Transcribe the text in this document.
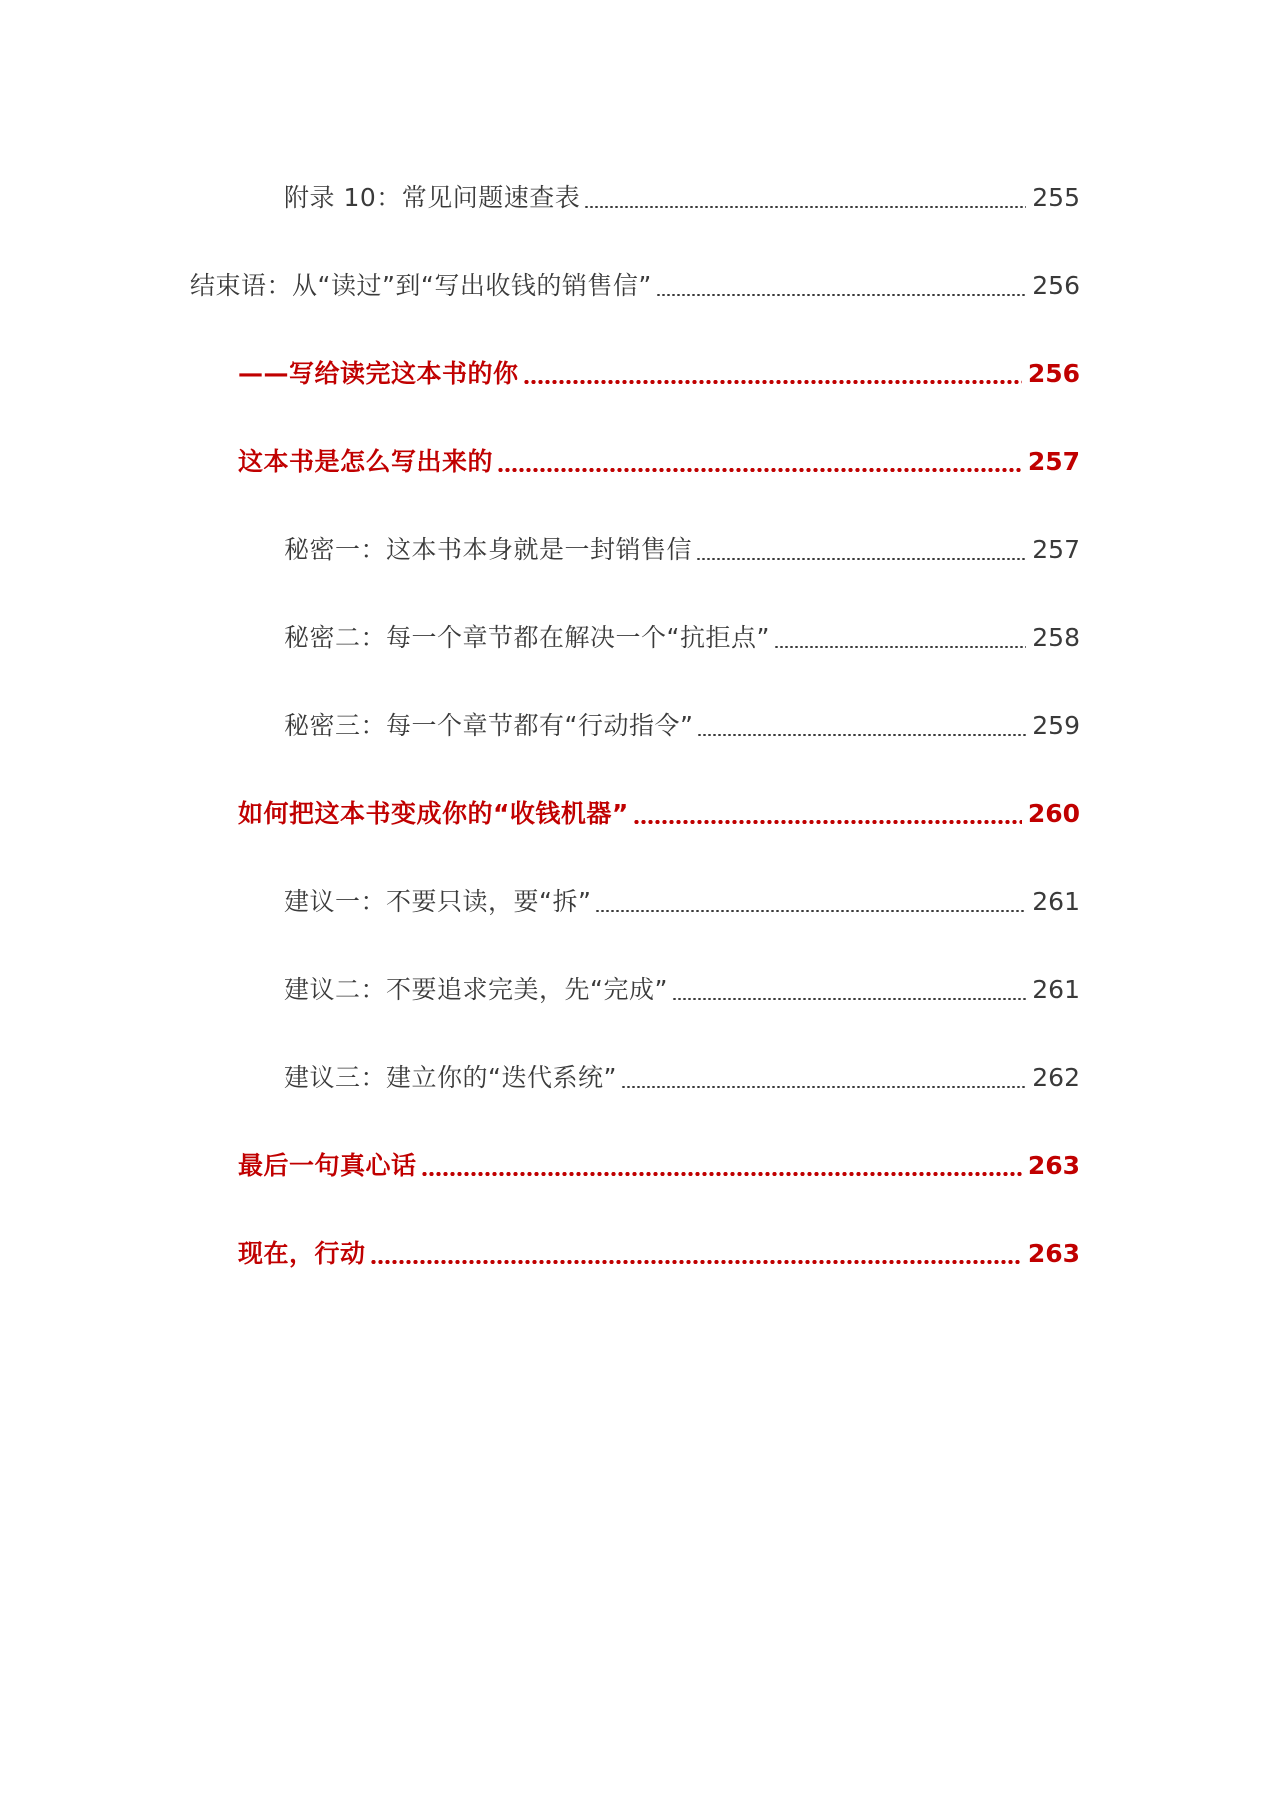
附录 10：常见问题速查表	255
结束语：从“读过”到“写出收钱的销售信”	256
——写给读完这本书的你	256
这本书是怎么写出来的	257
秘密一：这本书本身就是一封销售信	257
秘密二：每一个章节都在解决一个“抗拒点”	258
秘密三：每一个章节都有“行动指令”	259
如何把这本书变成你的“收钱机器”	260
建议一：不要只读，要“拆”	261
建议二：不要追求完美，先“完成”	261
建议三：建立你的“迭代系统”	262
最后一句真心话	263
现在，行动	263
